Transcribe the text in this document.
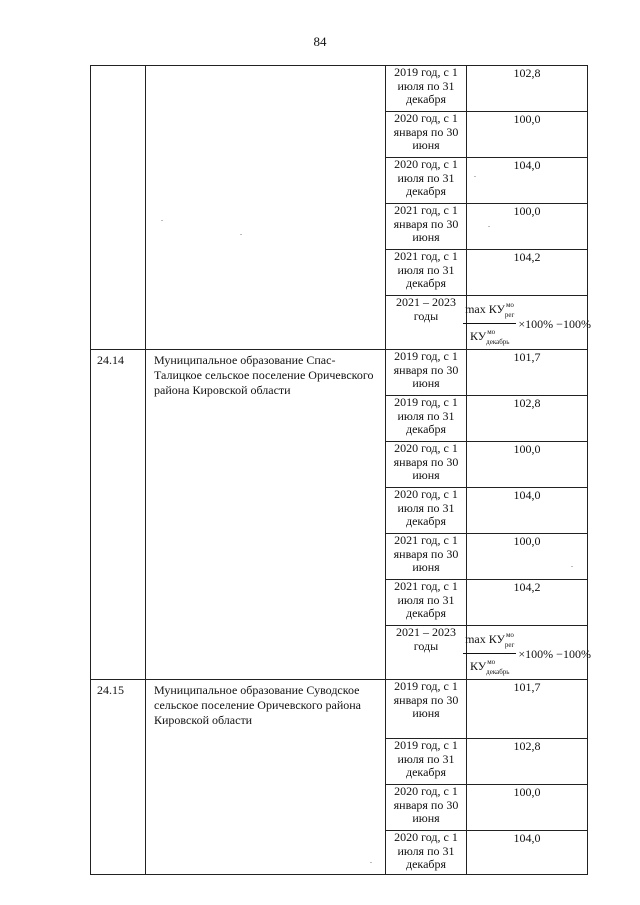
84
		2019 год, с 1 июля по 31 декабря	102,8
		2020 год, с 1 января по 30 июня	100,0
		2020 год, с 1 июля по 31 декабря	104,0
		2021 год, с 1 января по 30 июня	100,0
		2021 год, с 1 июля по 31 декабря	104,2
		2021 – 2023 годы	$\frac{\max КУ^{мо}_{рег}}{КУ^{мо}_{декабрь}} \times 100\% -100\%$

24.14	Муниципальное образование Спас-Талицкое сельское поселение Оричевского района Кировской области	2019 год, с 1 января по 30 июня	101,7
		2019 год, с 1 июля по 31 декабря	102,8
		2020 год, с 1 января по 30 июня	100,0
		2020 год, с 1 июля по 31 декабря	104,0
		2021 год, с 1 января по 30 июня	100,0
		2021 год, с 1 июля по 31 декабря	104,2
		2021 – 2023 годы	$\frac{\max КУ^{мо}_{рег}}{КУ^{мо}_{декабрь}} \times 100\% -100\%$

24.15	Муниципальное образование Суводское сельское поселение Оричевского района Кировской области	2019 год, с 1 января по 30 июня	101,7
		2019 год, с 1 июля по 31 декабря	102,8
		2020 год, с 1 января по 30 июня	100,0
		2020 год, с 1 июля по 31 декабря	104,0
